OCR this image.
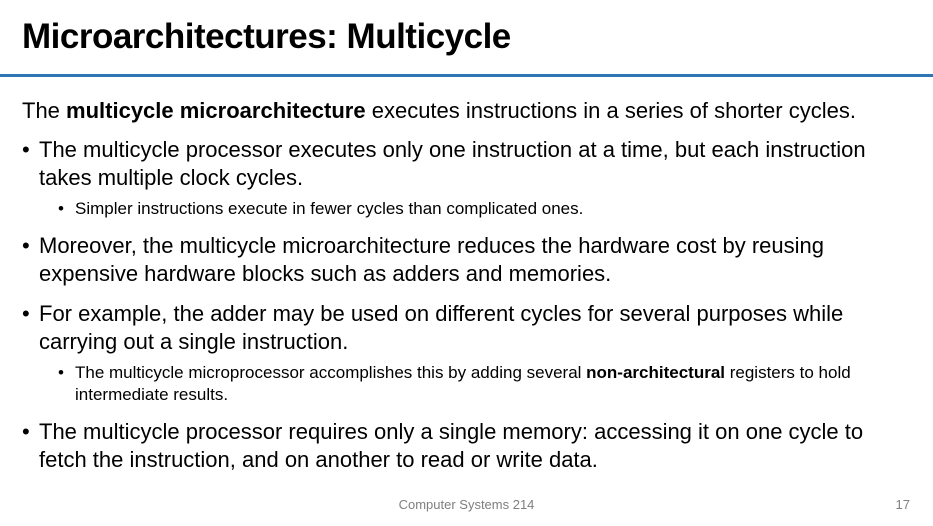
Microarchitectures: Multicycle

The multicycle microarchitecture executes instructions in a series of shorter cycles.

• The multicycle processor executes only one instruction at a time, but each instruction takes multiple clock cycles.
• Simpler instructions execute in fewer cycles than complicated ones.
• Moreover, the multicycle microarchitecture reduces the hardware cost by reusing expensive hardware blocks such as adders and memories.
• For example, the adder may be used on different cycles for several purposes while carrying out a single instruction.
• The multicycle microprocessor accomplishes this by adding several non-architectural registers to hold intermediate results.
• The multicycle processor requires only a single memory: accessing it on one cycle to fetch the instruction, and on another to read or write data.
Computer Systems 214	17
